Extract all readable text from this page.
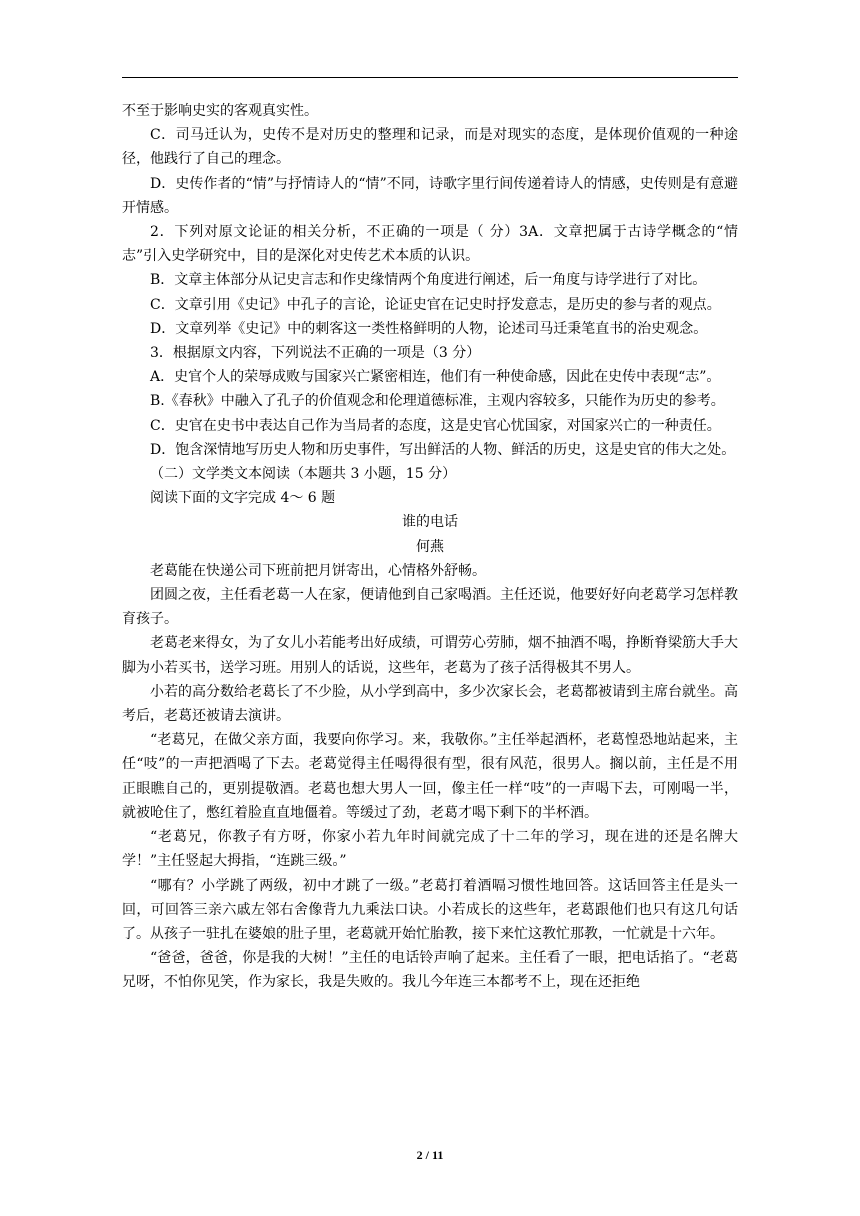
不至于影响史实的客观真实性。

C．司马迁认为，史传不是对历史的整理和记录，而是对现实的态度，是体现价值观的一种途径，他践行了自己的理念。

D．史传作者的“情”与抒情诗人的“情”不同，诗歌字里行间传递着诗人的情感，史传则是有意避开情感。

2．下列对原文论证的相关分析，不正确的一项是（ 分）3A．文章把属于古诗学概念的“情志”引入史学研究中，目的是深化对史传艺术本质的认识。

B．文章主体部分从记史言志和作史缘情两个角度进行阐述，后一角度与诗学进行了对比。

C．文章引用《史记》中孔子的言论，论证史官在记史时抒发意志，是历史的参与者的观点。

D．文章列举《史记》中的刺客这一类性格鲜明的人物，论述司马迁秉笔直书的治史观念。

3．根据原文内容，下列说法不正确的一项是（3 分）

A．史官个人的荣辱成败与国家兴亡紧密相连，他们有一种使命感，因此在史传中表现“志”。

B.《春秋》中融入了孔子的价值观念和伦理道德标准，主观内容较多，只能作为历史的参考。

C．史官在史书中表达自己作为当局者的态度，这是史官心忧国家，对国家兴亡的一种责任。

D．饱含深情地写历史人物和历史事件，写出鲜活的人物、鲜活的历史，这是史官的伟大之处。

（二）文学类文本阅读（本题共 3 小题，15 分）

阅读下面的文字完成 4～ 6 题

谁的电话

何燕

老葛能在快递公司下班前把月饼寄出，心情格外舒畅。

团圆之夜，主任看老葛一人在家，便请他到自己家喝酒。主任还说，他要好好向老葛学习怎样教育孩子。

老葛老来得女，为了女儿小若能考出好成绩，可谓劳心劳肺，烟不抽酒不喝，挣断脊梁筋大手大脚为小若买书，送学习班。用别人的话说，这些年，老葛为了孩子活得极其不男人。

小若的高分数给老葛长了不少脸，从小学到高中，多少次家长会，老葛都被请到主席台就坐。高考后，老葛还被请去演讲。

“老葛兄，在做父亲方面，我要向你学习。来，我敬你。”主任举起酒杯，老葛惶恐地站起来，主任“吱”的一声把酒喝了下去。老葛觉得主任喝得很有型，很有风范，很男人。搁以前，主任是不用正眼瞧自己的，更别提敬酒。老葛也想大男人一回，像主任一样“吱”的一声喝下去，可刚喝一半，就被呛住了，憋红着脸直直地僵着。等缓过了劲，老葛才喝下剩下的半杯酒。

“老葛兄，你教子有方呀，你家小若九年时间就完成了十二年的学习，现在进的还是名牌大学！”主任竖起大拇指，“连跳三级。”

“哪有？小学跳了两级，初中才跳了一级。”老葛打着酒嗝习惯性地回答。这话回答主任是头一回，可回答三亲六戚左邻右舍像背九九乘法口诀。小若成长的这些年，老葛跟他们也只有这几句话了。从孩子一驻扎在婆娘的肚子里，老葛就开始忙胎教，接下来忙这教忙那教，一忙就是十六年。

“爸爸，爸爸，你是我的大树！”主任的电话铃声响了起来。主任看了一眼，把电话掐了。“老葛兄呀，不怕你见笑，作为家长，我是失败的。我儿今年连三本都考不上，现在还拒绝

2 / 11
